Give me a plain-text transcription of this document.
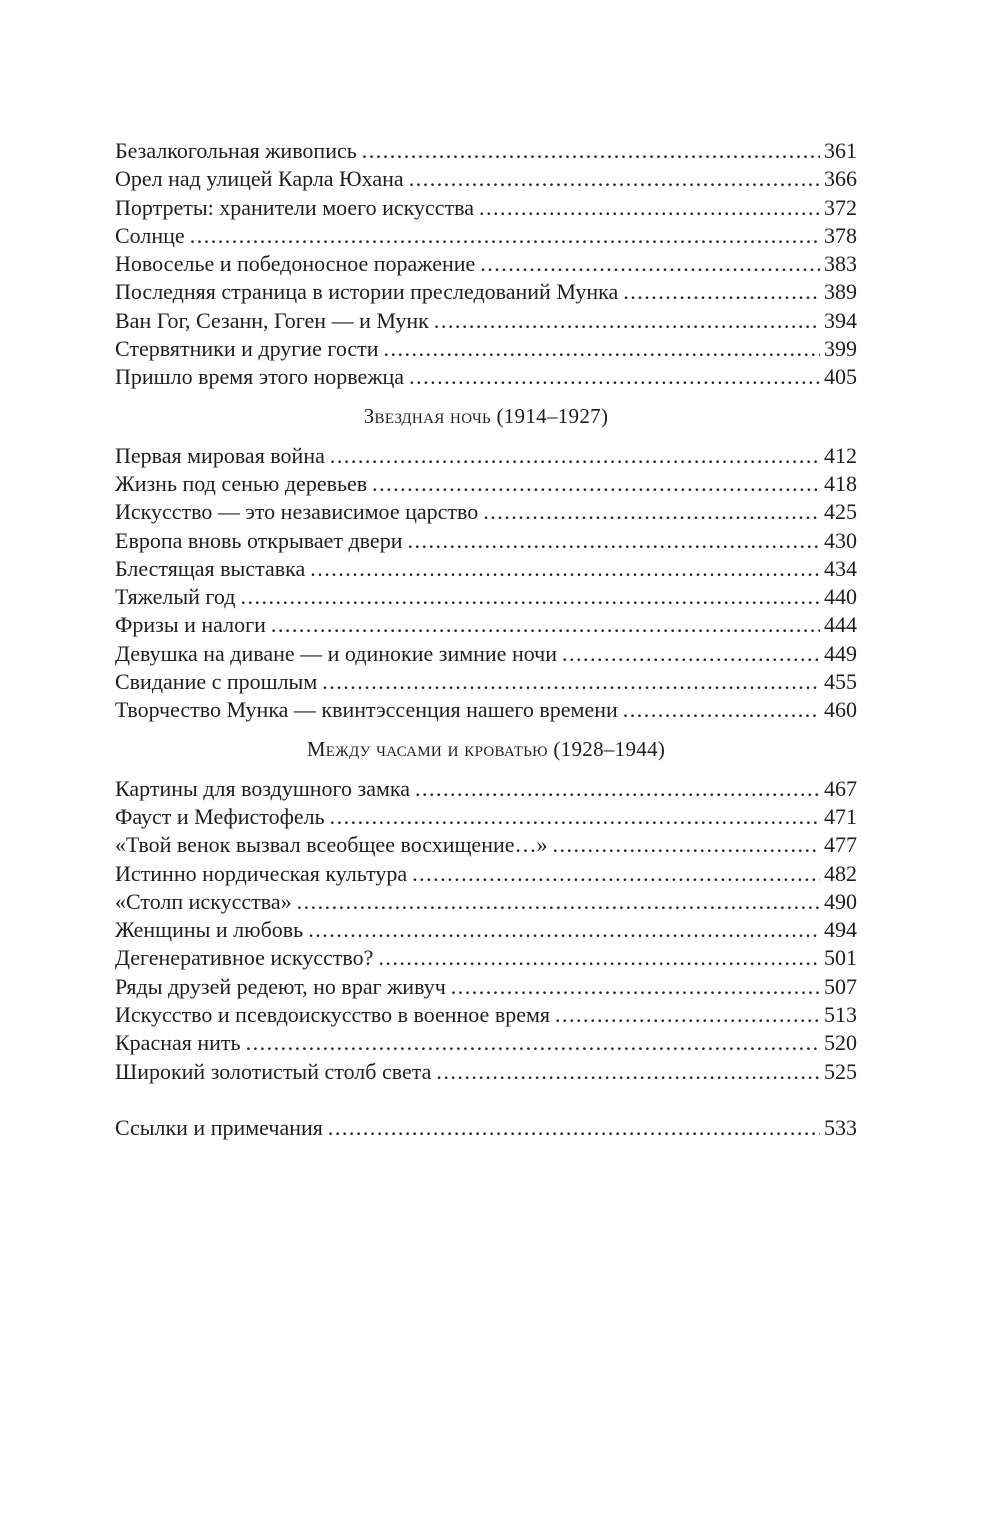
Безалкогольная живопись .....	361
Орел над улицей Карла Юхана .....	366
Портреты: хранители моего искусства .....	372
Солнце .....	378
Новоселье и победоносное поражение .....	383
Последняя страница в истории преследований Мунка .....	389
Ван Гог, Сезанн, Гоген — и Мунк .....	394
Стервятники и другие гости .....	399
Пришло время этого норвежца .....	405
Звездная ночь (1914–1927)
Первая мировая война .....	412
Жизнь под сенью деревьев .....	418
Искусство — это независимое царство .....	425
Европа вновь открывает двери .....	430
Блестящая выставка .....	434
Тяжелый год .....	440
Фризы и налоги .....	444
Девушка на диване — и одинокие зимние ночи .....	449
Свидание с прошлым .....	455
Творчество Мунка — квинтэссенция нашего времени .....	460
Между часами и кроватью (1928–1944)
Картины для воздушного замка .....	467
Фауст и Мефистофель .....	471
«Твой венок вызвал всеобщее восхищение…» .....	477
Истинно нордическая культура .....	482
«Столп искусства» .....	490
Женщины и любовь .....	494
Дегенеративное искусство? .....	501
Ряды друзей редеют, но враг живуч .....	507
Искусство и псевдоискусство в военное время .....	513
Красная нить .....	520
Широкий золотистый столб света .....	525
Ссылки и примечания .....	533
